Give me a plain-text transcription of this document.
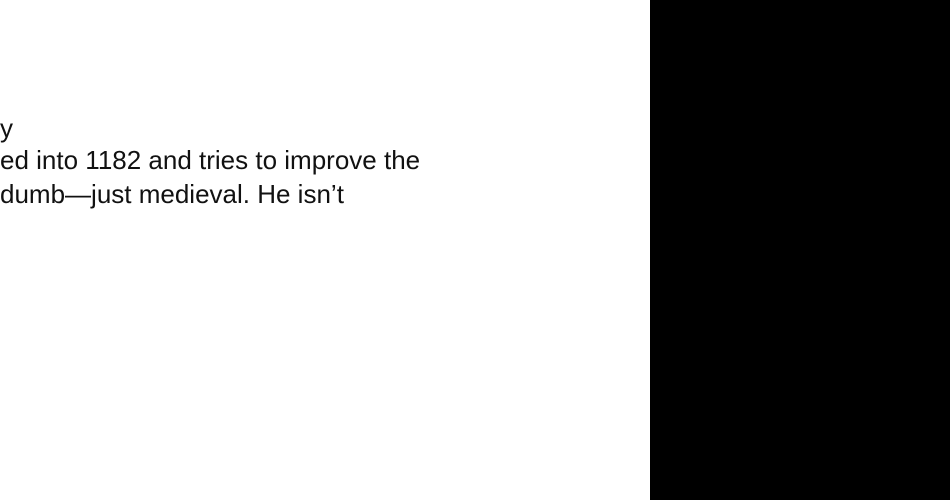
y
ed into 1182 and tries to improve the
dumb—just medieval. He isn’t
